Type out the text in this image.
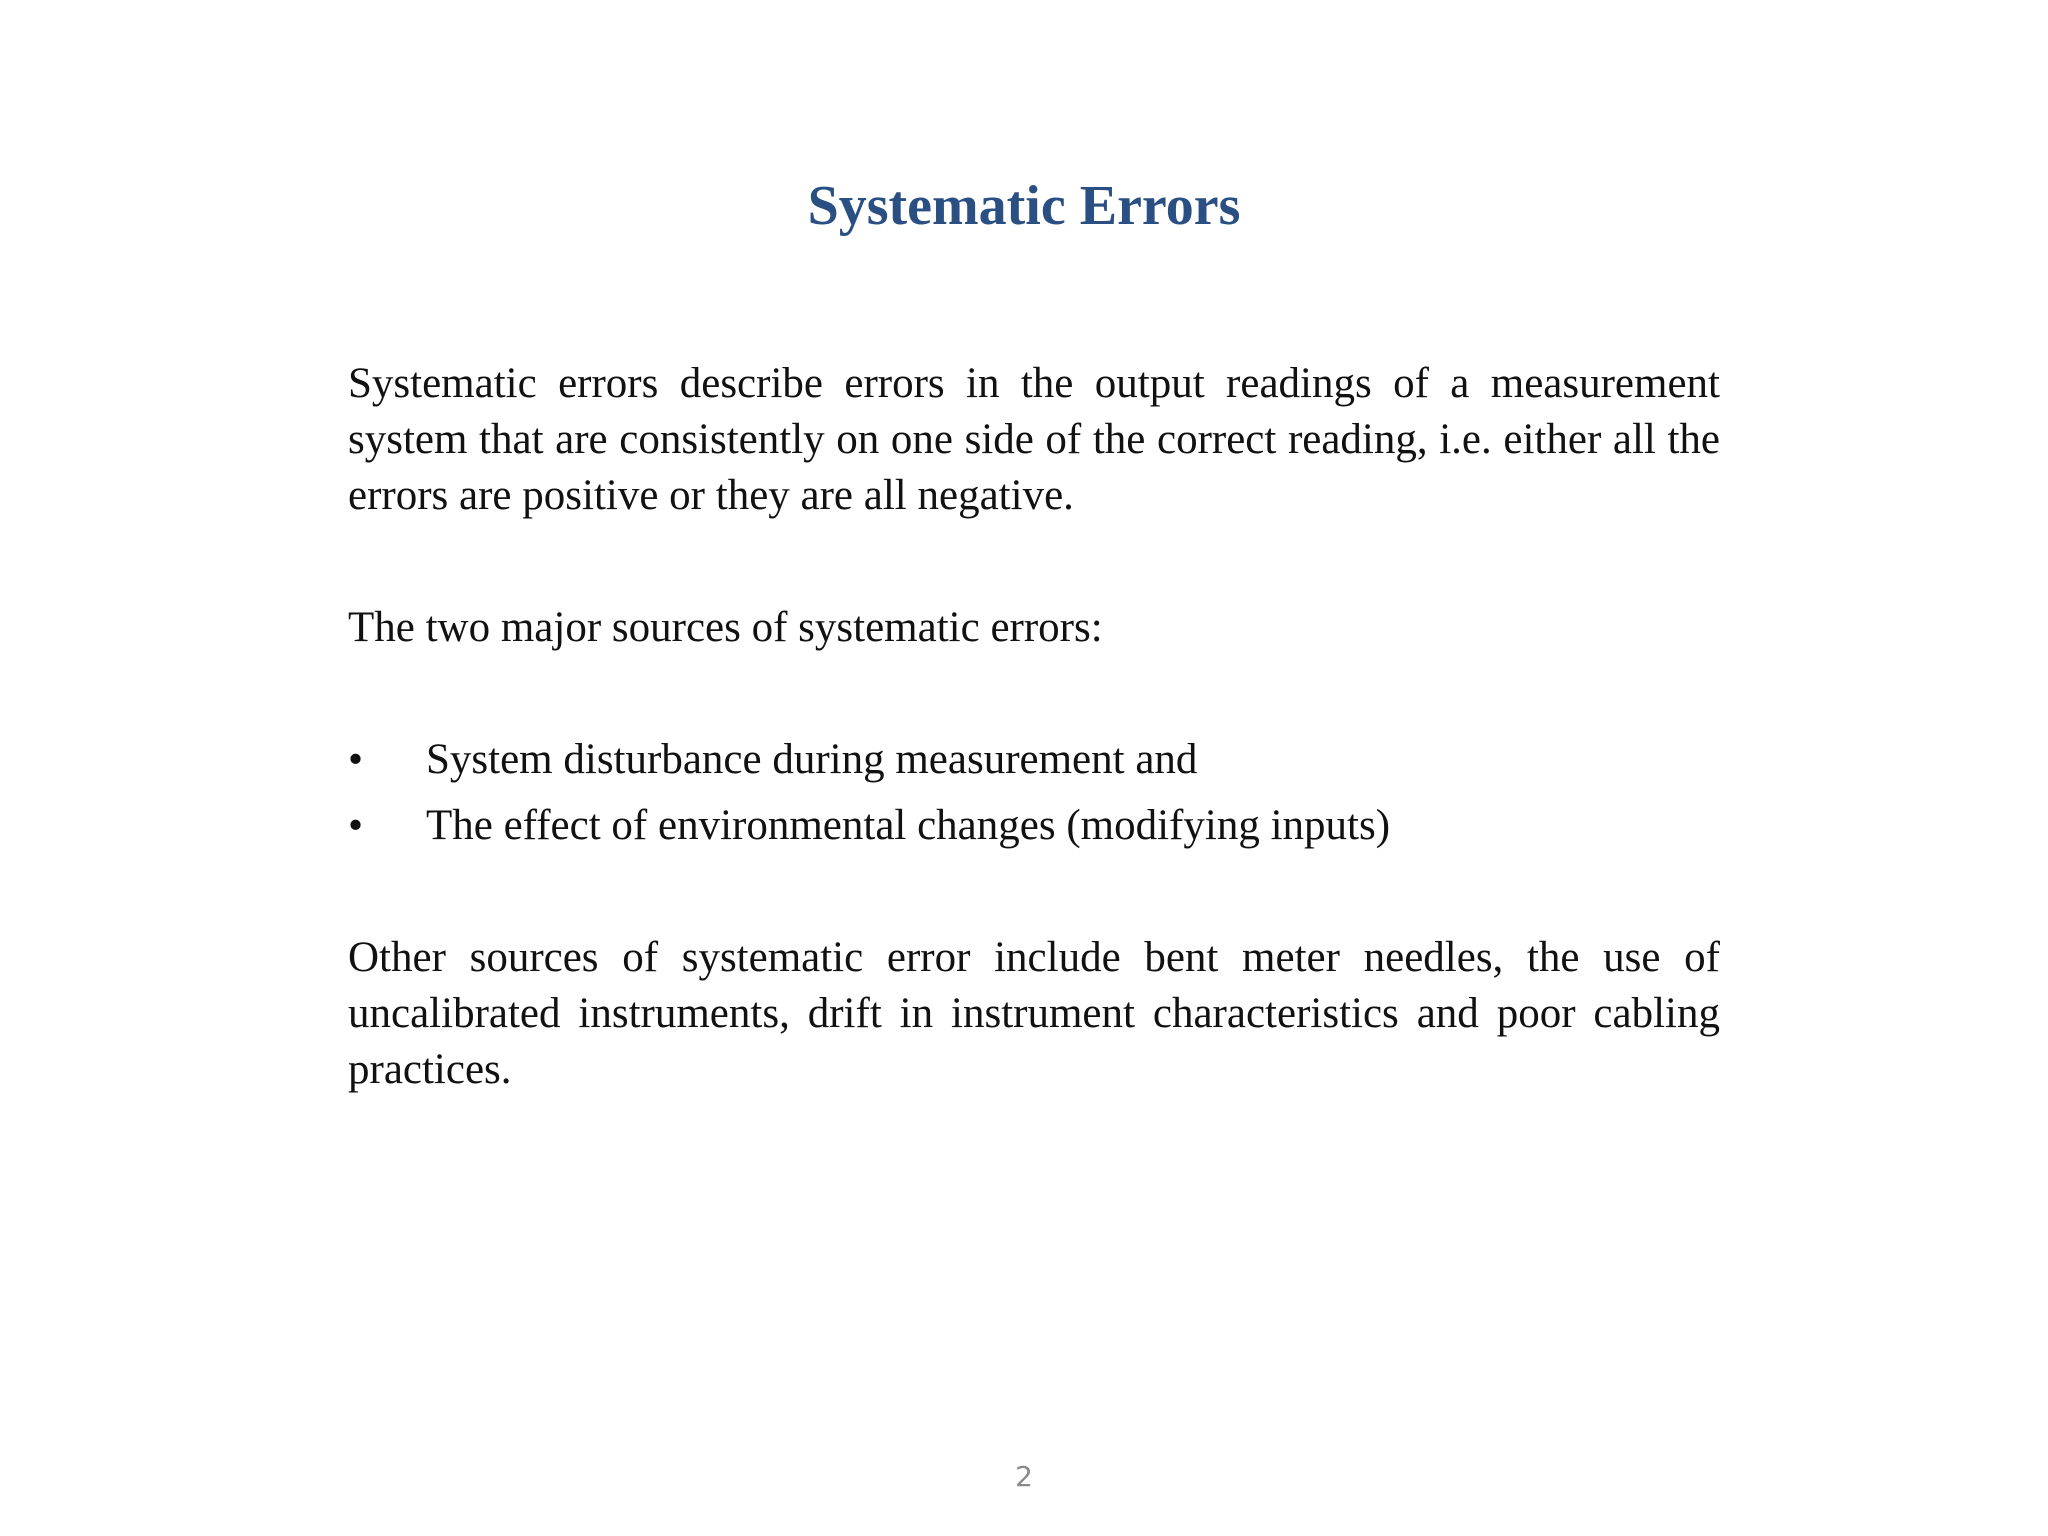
Systematic Errors

Systematic errors describe errors in the output readings of a measurement system that are consistently on one side of the correct reading, i.e. either all the errors are positive or they are all negative.

The two major sources of systematic errors:

•	System disturbance during measurement and
•	The effect of environmental changes (modifying inputs)

Other sources of systematic error include bent meter needles, the use of uncalibrated instruments, drift in instrument characteristics and poor cabling practices.

2
